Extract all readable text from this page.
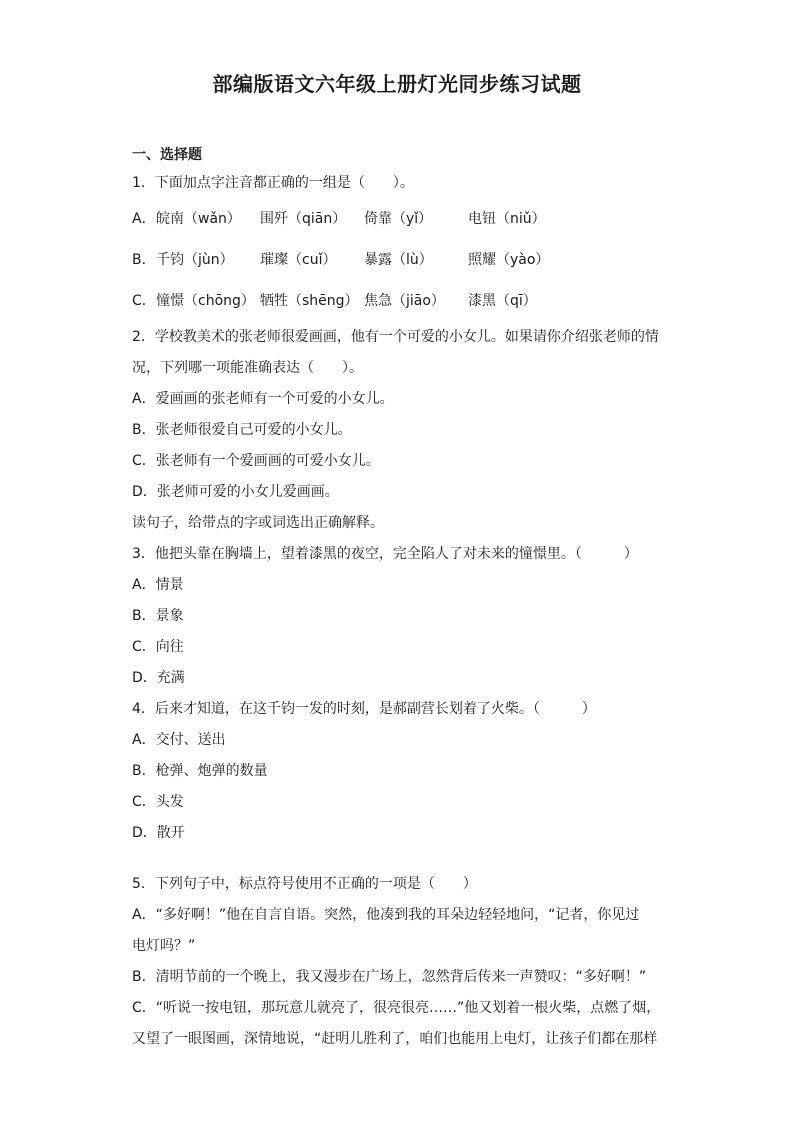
部编版语文六年级上册灯光同步练习试题
一、选择题
1．下面加点字注音都正确的一组是（　　）。
A．皖南（wǎn） 围歼（qiān） 倚靠（yǐ）	电钮（niǔ）
B．千钧（jùn） 璀璨（cuǐ） 暴露（lù）	照耀（yào）
C．憧憬（chōng） 牺牲（shēng） 焦急（jiāo） 漆黑（qī）
2．学校教美术的张老师很爱画画，他有一个可爱的小女儿。如果请你介绍张老师的情
况，下列哪一项能准确表达（　　）。
A．爱画画的张老师有一个可爱的小女儿。
B．张老师很爱自己可爱的小女儿。
C．张老师有一个爱画画的可爱小女儿。
D．张老师可爱的小女儿爱画画。
读句子，给带点的字或词选出正确解释。
3．他把头靠在胸墙上，望着漆黑的夜空，完全陷人了对未来的憧憬里。（　　　）
A．情景
B．景象
C．向往
D．充满
4．后来才知道，在这千钧一发的时刻，是郝副营长划着了火柴。（　　　）
A．交付、送出
B．枪弹、炮弹的数量
C．头发
D．散开
5．下列句子中，标点符号使用不正确的一项是（　　）
A．“多好啊！”他在自言自语。突然，他凑到我的耳朵边轻轻地问，“记者，你见过
电灯吗？”
B．清明节前的一个晚上，我又漫步在广场上，忽然背后传来一声赞叹：“多好啊！”
C．“听说一按电钮，那玩意儿就亮了，很亮很亮……”他又划着一根火柴，点燃了烟，
又望了一眼图画，深情地说，“赶明儿胜利了，咱们也能用上电灯，让孩子们都在那样
